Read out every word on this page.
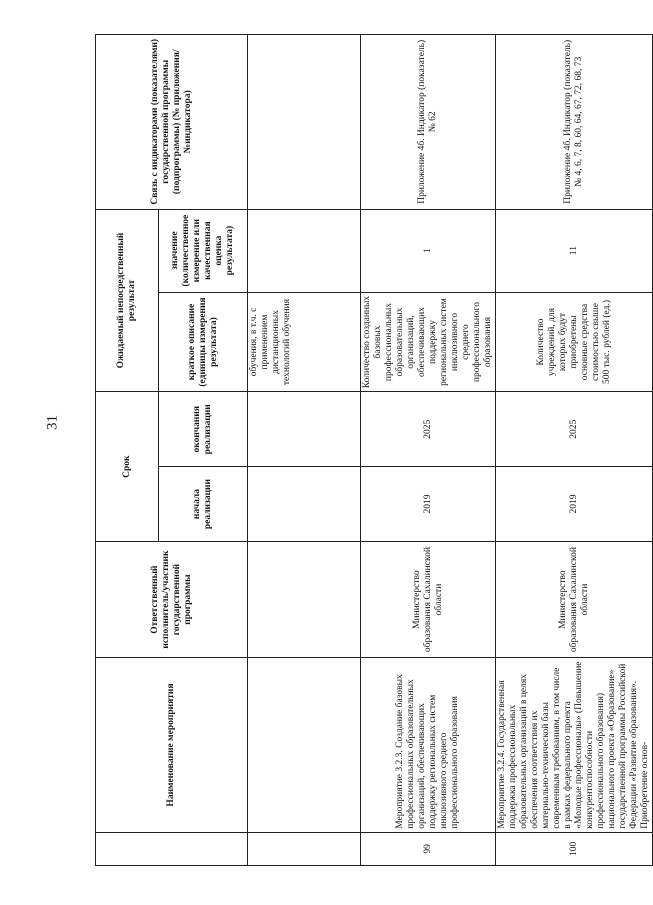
31
	Наименование мероприятия	Ответственный исполнитель/участник государственной программы	Срок		Ожидаемый непосредственный результат		Связь с индикаторами (показателями) государственной программы (подпрограммы) (№ приложения/№индикатора)
			начала реализации	окончания реализации	краткое описание (единицы измерения результата)	значение (количественное измерение или качественная оценка результата)	
					обучения, в т.ч. с применением дистанционных технологий обучения		
99	Мероприятие 3.2.3. Создание базовых профессиональных образовательных организаций, обеспечивающих поддержку региональных систем инклюзивного среднего профессионального образования	Министерство образования Сахалинской области	2019	2025	Количество созданных базовых профессиональных образовательных организаций, обеспечивающих поддержку региональных систем инклюзивного среднего профессионального образования	1	Приложение 4б. Индикатор (показатель) № 62
100	Мероприятие 3.2.4. Государственная поддержка профессиональных образовательных организаций в целях обеспечения соответствия их материально-технической базы современным требованиям, в том числе в рамках федерального проекта «Молодые профессионалы» (Повышение конкурентоспособности профессионального образования) национального проекта «Образование» государственной программы Российской Федерации «Развитие образования». Приобретение основ-	Министерство образования Сахалинской области	2019	2025	Количество учреждений, для которых будут приобретены основные средства стоимостью свыше 500 тыс. рублей (ед.)	11	Приложение 4б. Индикатор (показатель) № 4, 6, 7, 8, 60, 64, 67, 72, 68, 73
